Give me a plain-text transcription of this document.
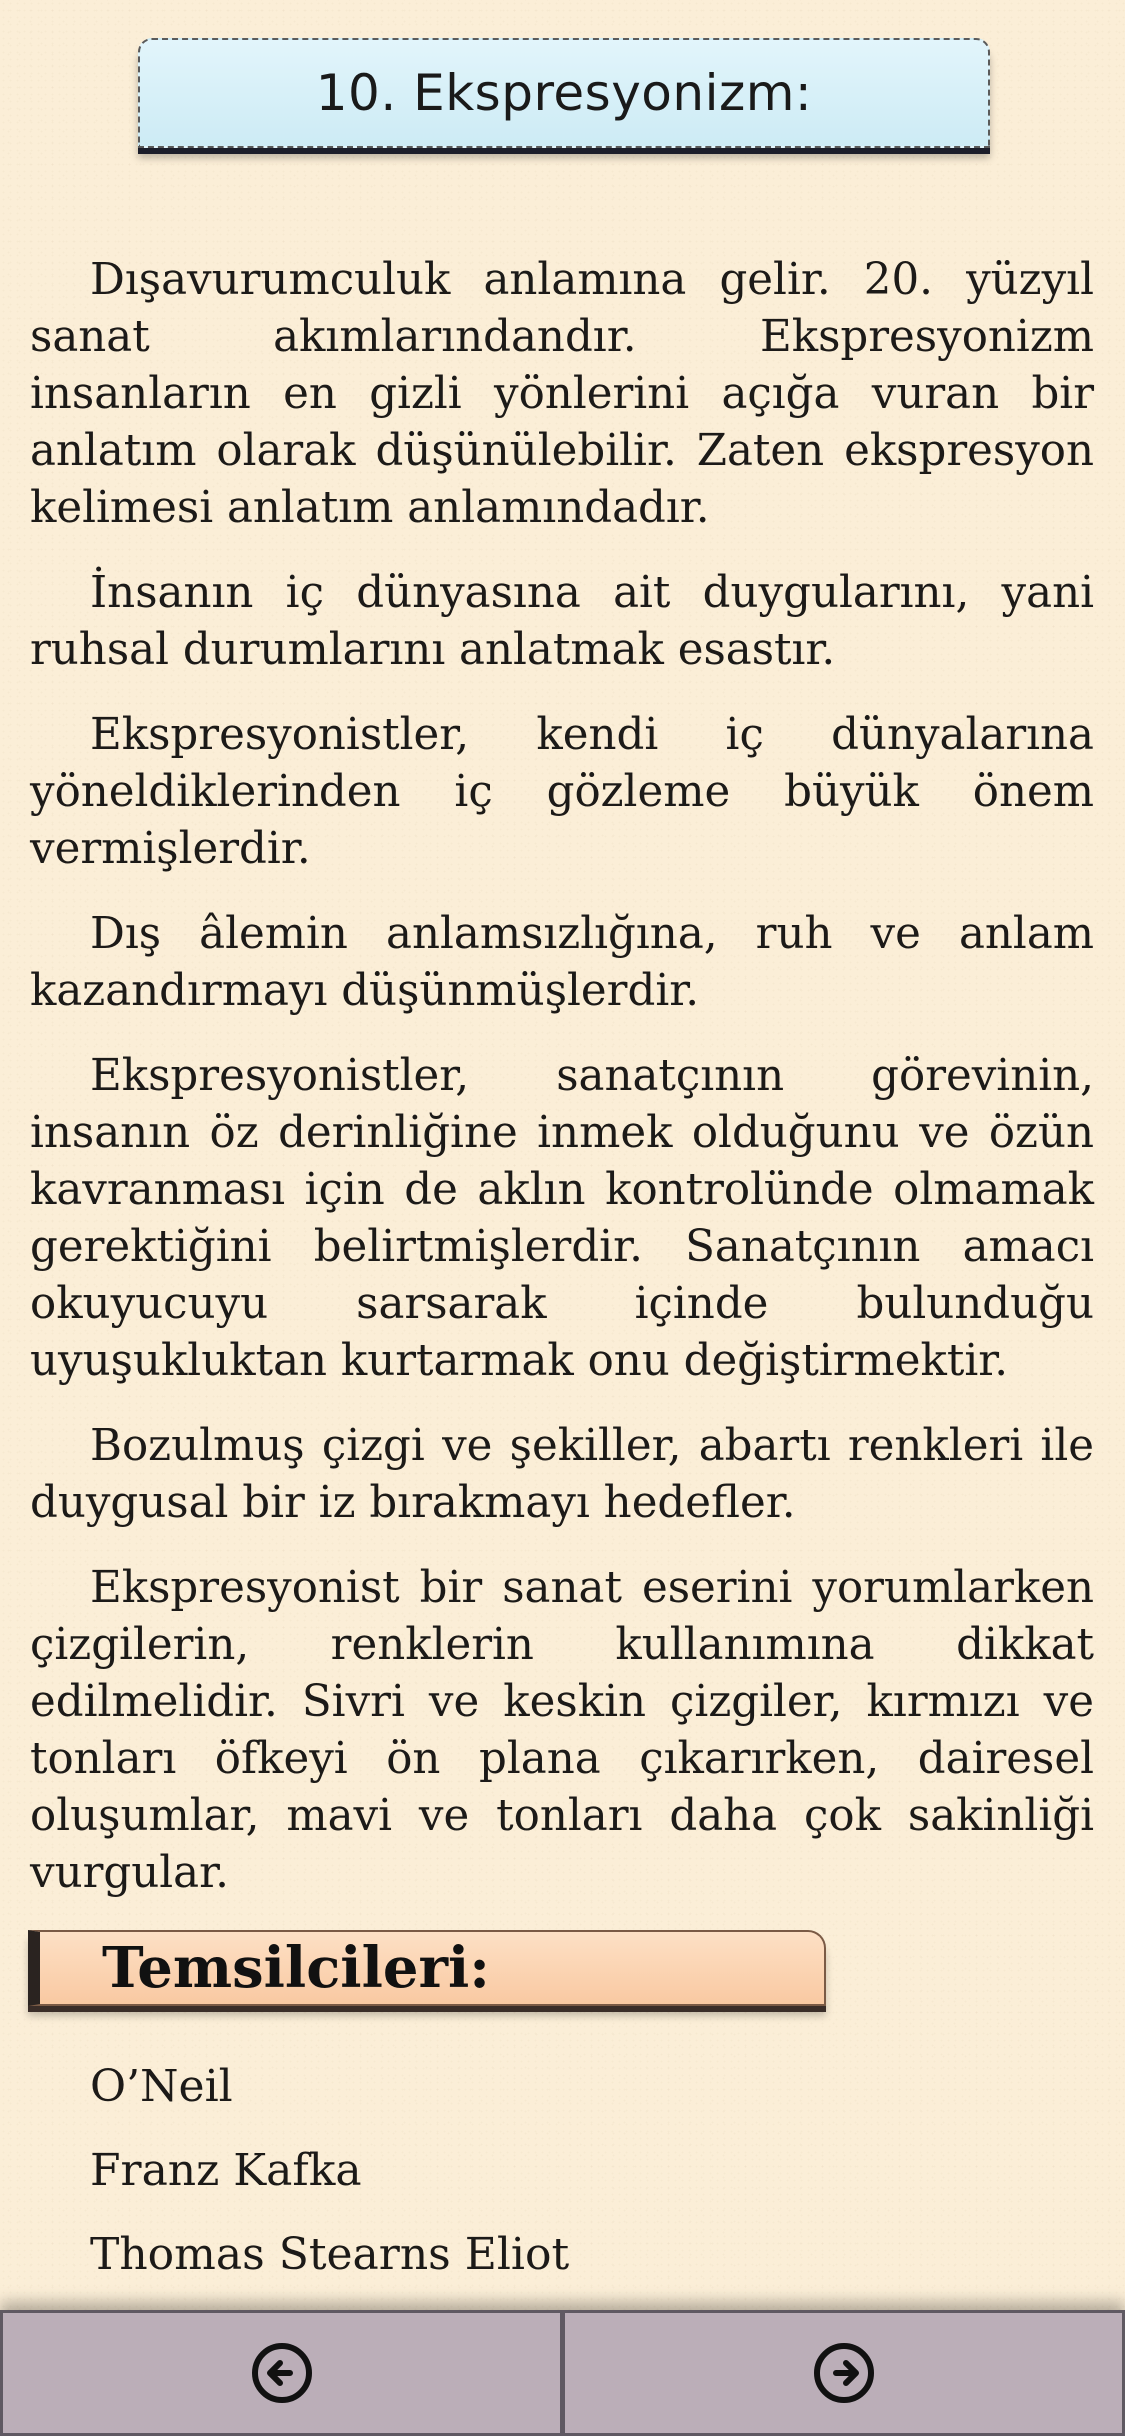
10. Ekspresyonizm:

Dışavurumculuk anlamına gelir. 20. yüzyıl sanat akımlarındandır. Ekspresyonizm insanların en gizli yönlerini açığa vuran bir anlatım olarak düşünülebilir. Zaten ekspresyon kelimesi anlatım anlamındadır.

İnsanın iç dünyasına ait duygularını, yani ruhsal durumlarını anlatmak esastır.

Ekspresyonistler, kendi iç dünyalarına yöneldiklerinden iç gözleme büyük önem vermişlerdir.

Dış âlemin anlamsızlığına, ruh ve anlam kazandırmayı düşünmüşlerdir.

Ekspresyonistler, sanatçının görevinin, insanın öz derinliğine inmek olduğunu ve özün kavranması için de aklın kontrolünde olmamak gerektiğini belirtmişlerdir. Sanatçının amacı okuyucuyu sarsarak içinde bulunduğu uyuşukluktan kurtarmak onu değiştirmektir.

Bozulmuş çizgi ve şekiller, abartı renkleri ile duygusal bir iz bırakmayı hedefler.

Ekspresyonist bir sanat eserini yorumlarken çizgilerin, renklerin kullanımına dikkat edilmelidir. Sivri ve keskin çizgiler, kırmızı ve tonları öfkeyi ön plana çıkarırken, dairesel oluşumlar, mavi ve tonları daha çok sakinliği vurgular.

Temsilcileri:
O’Neil
Franz Kafka
Thomas Stearns Eliot
